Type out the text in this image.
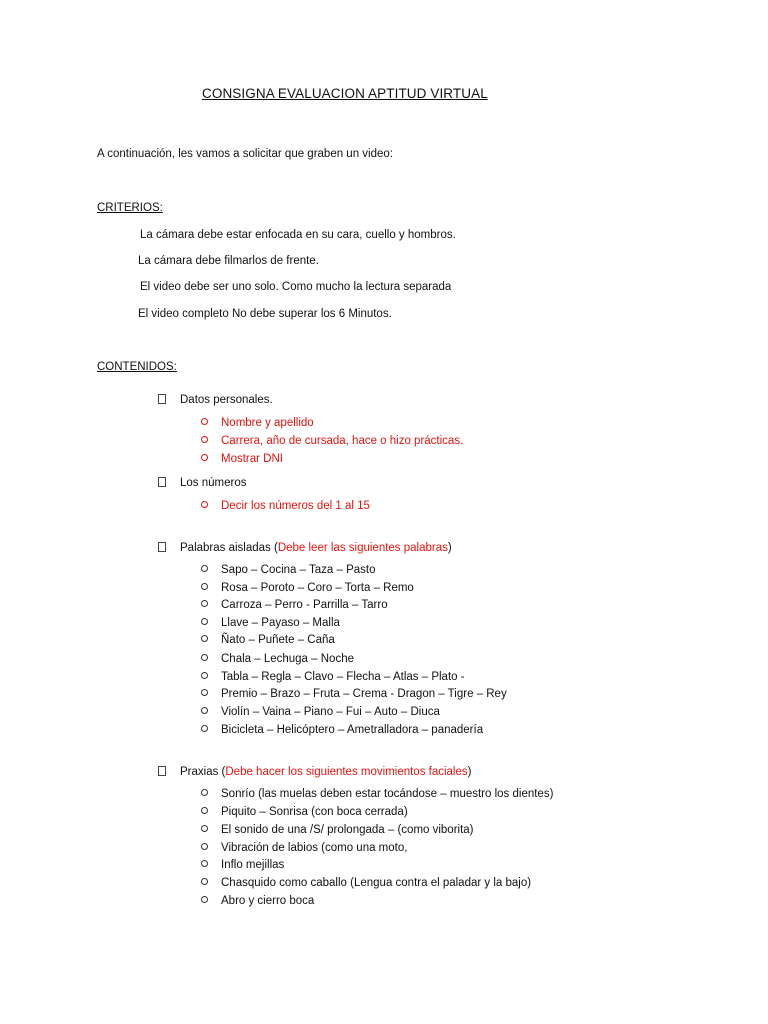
CONSIGNA EVALUACION APTITUD VIRTUAL
A continuación, les vamos a solicitar que graben un video:
CRITERIOS:
La cámara debe estar enfocada en su cara, cuello y hombros.
La cámara debe filmarlos de frente.
El video debe ser uno solo. Como mucho la lectura separada
El video completo No debe superar los 6 Minutos.
CONTENIDOS:
Datos personales.
Nombre y apellido
Carrera, año de cursada, hace o hizo prácticas.
Mostrar DNI
Los números
Decir los números del 1 al 15
Palabras aisladas (Debe leer las siguientes palabras)
Sapo – Cocina – Taza – Pasto
Rosa – Poroto – Coro – Torta – Remo
Carroza – Perro - Parrilla – Tarro
Llave – Payaso – Malla
Ñato – Puñete – Caña
Chala – Lechuga – Noche
Tabla – Regla – Clavo – Flecha – Atlas – Plato -
Premio – Brazo – Fruta – Crema - Dragon – Tigre – Rey
Violín – Vaina – Piano – Fui – Auto – Diuca
Bicicleta – Helicóptero – Ametralladora – panadería
Praxias (Debe hacer los siguientes movimientos faciales)
Sonrío (las muelas deben estar tocándose – muestro los dientes)
Piquito – Sonrisa (con boca cerrada)
El sonido de una /S/ prolongada – (como viborita)
Vibración de labios (como una moto,
Inflo mejillas
Chasquido como caballo (Lengua contra el paladar y la bajo)
Abro y cierro boca
